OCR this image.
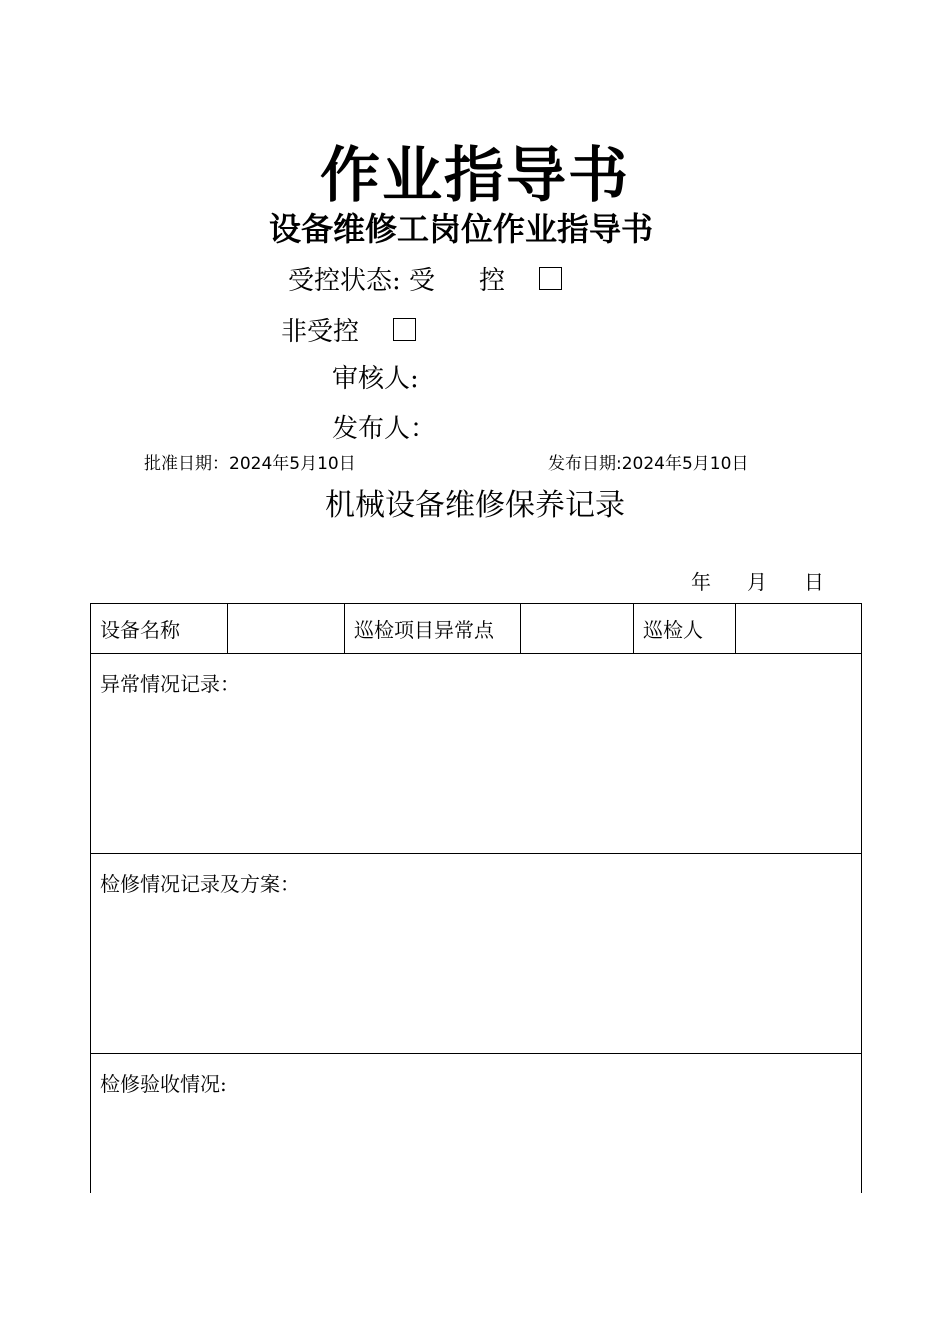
作业指导书
设备维修工岗位作业指导书
受控状态: 受 控
非受控
审核人:
发布人：
批准日期：2024年5月10日	发布日期:2024年5月10日
机械设备维修保养记录
年 月 日
设备名称		巡检项目异常点		巡检人	
异常情况记录：
检修情况记录及方案：
检修验收情况:
